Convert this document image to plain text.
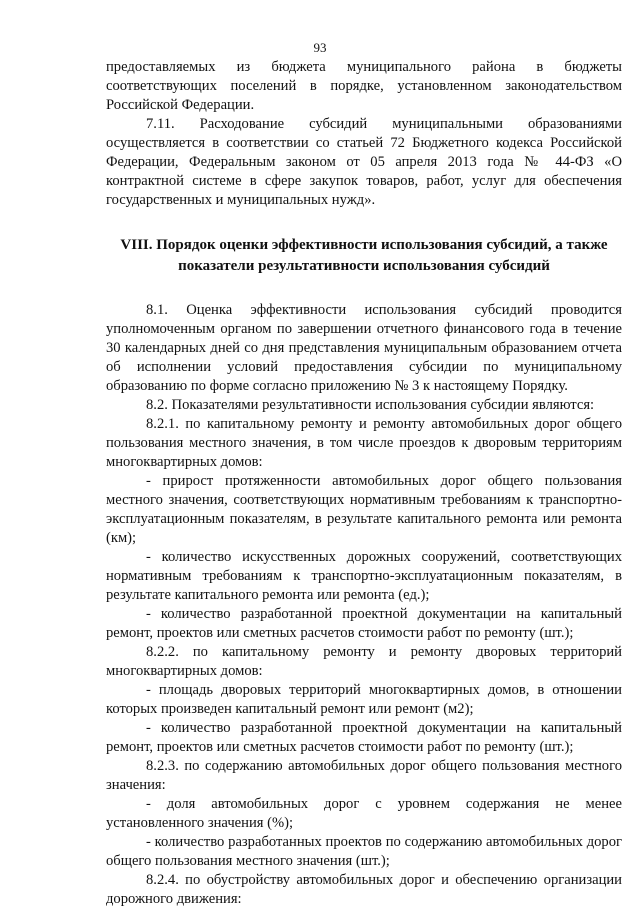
93

предоставляемых из бюджета муниципального района в бюджеты соответствующих поселений в порядке, установленном законодательством Российской Федерации.

7.11. Расходование субсидий муниципальными образованиями осуществляется в соответствии со статьей 72 Бюджетного кодекса Российской Федерации, Федеральным законом от 05 апреля 2013 года № 44-ФЗ «О контрактной системе в сфере закупок товаров, работ, услуг для обеспечения государственных и муниципальных нужд».

VIII. Порядок оценки эффективности использования субсидий, а также показатели результативности использования субсидий

8.1. Оценка эффективности использования субсидий проводится уполномоченным органом по завершении отчетного финансового года в течение 30 календарных дней со дня представления муниципальным образованием отчета об исполнении условий предоставления субсидии по муниципальному образованию по форме согласно приложению № 3 к настоящему Порядку.

8.2. Показателями результативности использования субсидии являются:

8.2.1. по капитальному ремонту и ремонту автомобильных дорог общего пользования местного значения, в том числе проездов к дворовым территориям многоквартирных домов:

- прирост протяженности автомобильных дорог общего пользования местного значения, соответствующих нормативным требованиям к транспортно-эксплуатационным показателям, в результате капитального ремонта или ремонта (км);

- количество искусственных дорожных сооружений, соответствующих нормативным требованиям к транспортно-эксплуатационным показателям, в результате капитального ремонта или ремонта (ед.);

- количество разработанной проектной документации на капитальный ремонт, проектов или сметных расчетов стоимости работ по ремонту (шт.);

8.2.2. по капитальному ремонту и ремонту дворовых территорий многоквартирных домов:

- площадь дворовых территорий многоквартирных домов, в отношении которых произведен капитальный ремонт или ремонт (м2);

- количество разработанной проектной документации на капитальный ремонт, проектов или сметных расчетов стоимости работ по ремонту (шт.);

8.2.3. по содержанию автомобильных дорог общего пользования местного значения:

- доля автомобильных дорог с уровнем содержания не менее установленного значения (%);

- количество разработанных проектов по содержанию автомобильных дорог общего пользования местного значения (шт.);

8.2.4. по обустройству автомобильных дорог и обеспечению организации дорожного движения:
